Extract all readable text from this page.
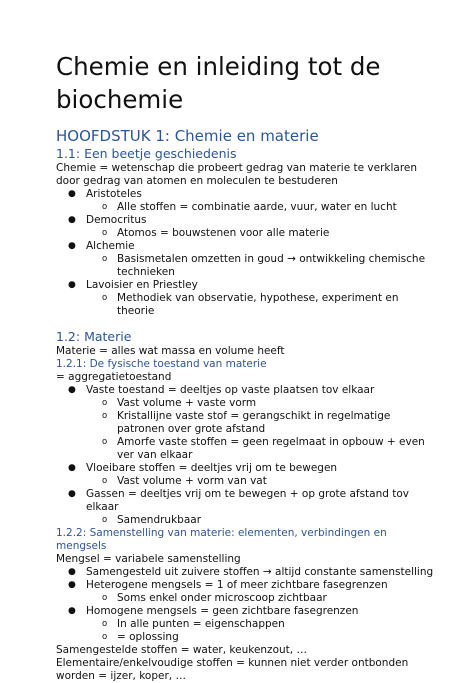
Chemie en inleiding tot de
biochemie
HOOFDSTUK 1: Chemie en materie
1.1: Een beetje geschiedenis
Chemie = wetenschap die probeert gedrag van materie te verklaren door gedrag van atomen en moleculen te bestuderen
● Aristoteles
o Alle stoffen = combinatie aarde, vuur, water en lucht
● Democritus
o Atomos = bouwstenen voor alle materie
● Alchemie
o Basismetalen omzetten in goud → ontwikkeling chemische technieken
● Lavoisier en Priestley
o Methodiek van observatie, hypothese, experiment en theorie
1.2: Materie
Materie = alles wat massa en volume heeft
1.2.1: De fysische toestand van materie
= aggregatietoestand
● Vaste toestand = deeltjes op vaste plaatsen tov elkaar
o Vast volume + vaste vorm
o Kristallijne vaste stof = gerangschikt in regelmatige patronen over grote afstand
o Amorfe vaste stoffen = geen regelmaat in opbouw + even ver van elkaar
● Vloeibare stoffen = deeltjes vrij om te bewegen
o Vast volume + vorm van vat
● Gassen = deeltjes vrij om te bewegen + op grote afstand tov elkaar
o Samendrukbaar
1.2.2: Samenstelling van materie: elementen, verbindingen en mengsels
Mengsel = variabele samenstelling
● Samengesteld uit zuivere stoffen → altijd constante samenstelling
● Heterogene mengsels = 1 of meer zichtbare fasegrenzen
o Soms enkel onder microscoop zichtbaar
● Homogene mengsels = geen zichtbare fasegrenzen
o In alle punten = eigenschappen
o = oplossing
Samengestelde stoffen = water, keukenzout, …
Elementaire/enkelvoudige stoffen = kunnen niet verder ontbonden worden = ijzer, koper, …
